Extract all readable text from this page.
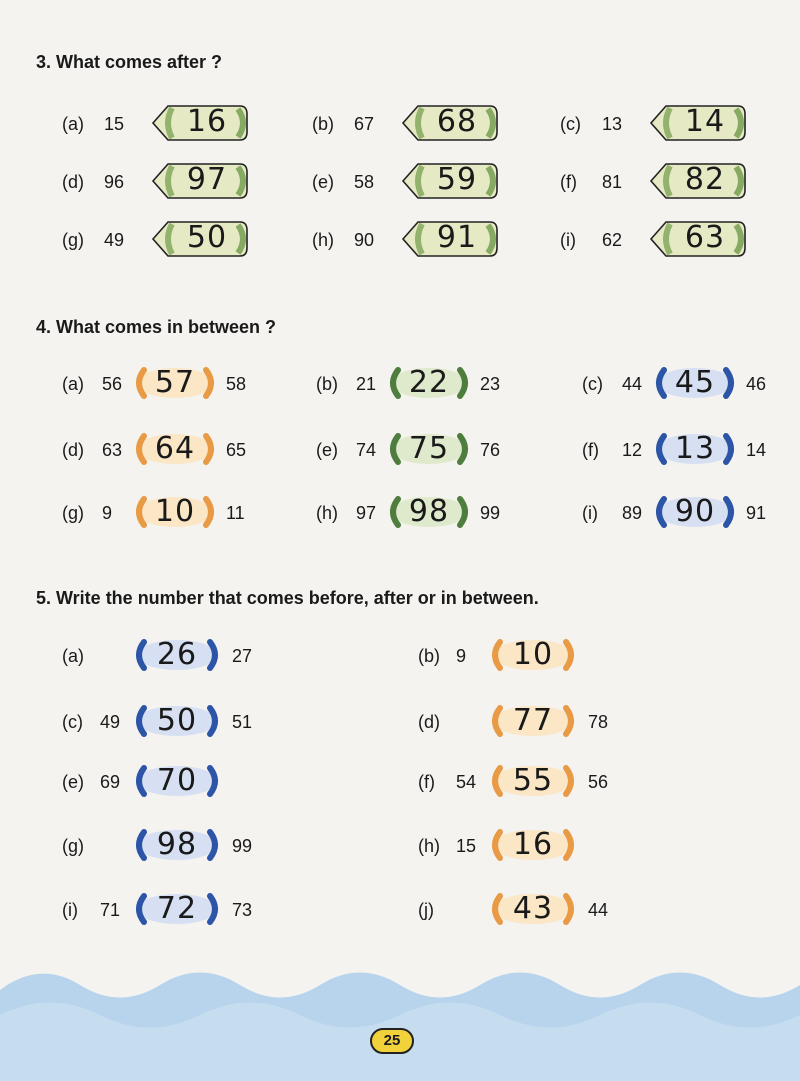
3. What comes after ?
(a) 15	16	(b) 67	68	(c) 13	14
(d) 96	97	(e) 58	59	(f) 81	82
(g) 49	50	(h) 90	91	(i) 62	63
4. What comes in between ?
(a) 56	57	58	(b) 21	22	23	(c) 44	45	46
(d) 63	64	65	(e) 74	75	76	(f) 12	13	14
(g) 9	10	11	(h) 97	98	99	(i) 89	90	91
5. Write the number that comes before, after or in between.
(a)	26	27	(b) 9	10
(c) 49	50	51	(d)	77	78
(e) 69	70	(f) 54	55	56
(g)	98	99	(h) 15	16
(i) 71	72	73	(j)	43	44
25
